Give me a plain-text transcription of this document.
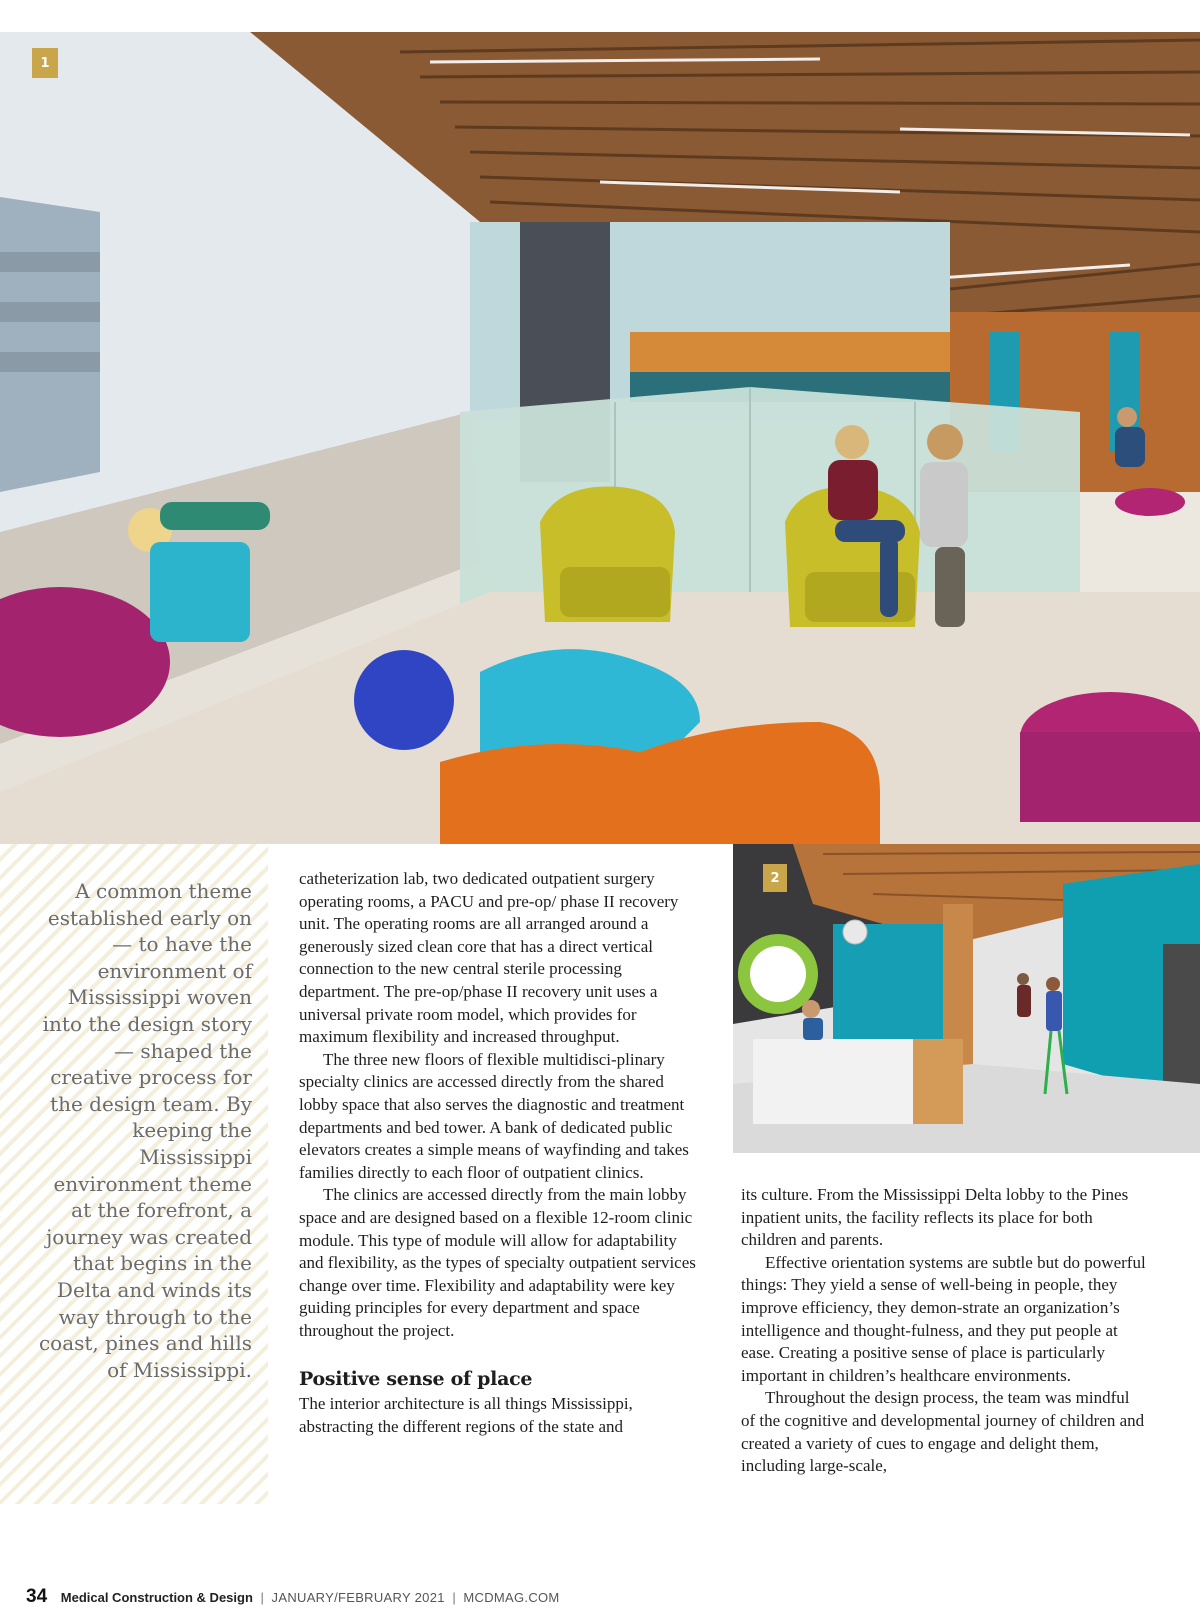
1

A common theme established early on — to have the environment of Mississippi woven into the design story — shaped the creative process for the design team. By keeping the Mississippi environment theme at the forefront, a journey was created that begins in the Delta and winds its way through to the coast, pines and hills of Mississippi.

catheterization lab, two dedicated outpatient surgery operating rooms, a PACU and pre-op/ phase II recovery unit. The operating rooms are all arranged around a generously sized clean core that has a direct vertical connection to the new central sterile processing department. The pre-op/phase II recovery unit uses a universal private room model, which provides for maximum flexibility and increased throughput.

The three new floors of flexible multidisci-plinary specialty clinics are accessed directly from the shared lobby space that also serves the diagnostic and treatment departments and bed tower. A bank of dedicated public elevators creates a simple means of wayfinding and takes families directly to each floor of outpatient clinics.

The clinics are accessed directly from the main lobby space and are designed based on a flexible 12-room clinic module. This type of module will allow for adaptability and flexibility, as the types of specialty outpatient services change over time. Flexibility and adaptability were key guiding principles for every department and space throughout the project.

Positive sense of place

The interior architecture is all things Mississippi, abstracting the different regions of the state and

2

its culture. From the Mississippi Delta lobby to the Pines inpatient units, the facility reflects its place for both children and parents.

Effective orientation systems are subtle but do powerful things: They yield a sense of well-being in people, they improve efficiency, they demon-strate an organization’s intelligence and thought-fulness, and they put people at ease. Creating a positive sense of place is particularly important in children’s healthcare environments.

Throughout the design process, the team was mindful of the cognitive and developmental journey of children and created a variety of cues to engage and delight them, including large-scale,

34 Medical Construction & Design | JANUARY/FEBRUARY 2021 | MCDMAG.COM
